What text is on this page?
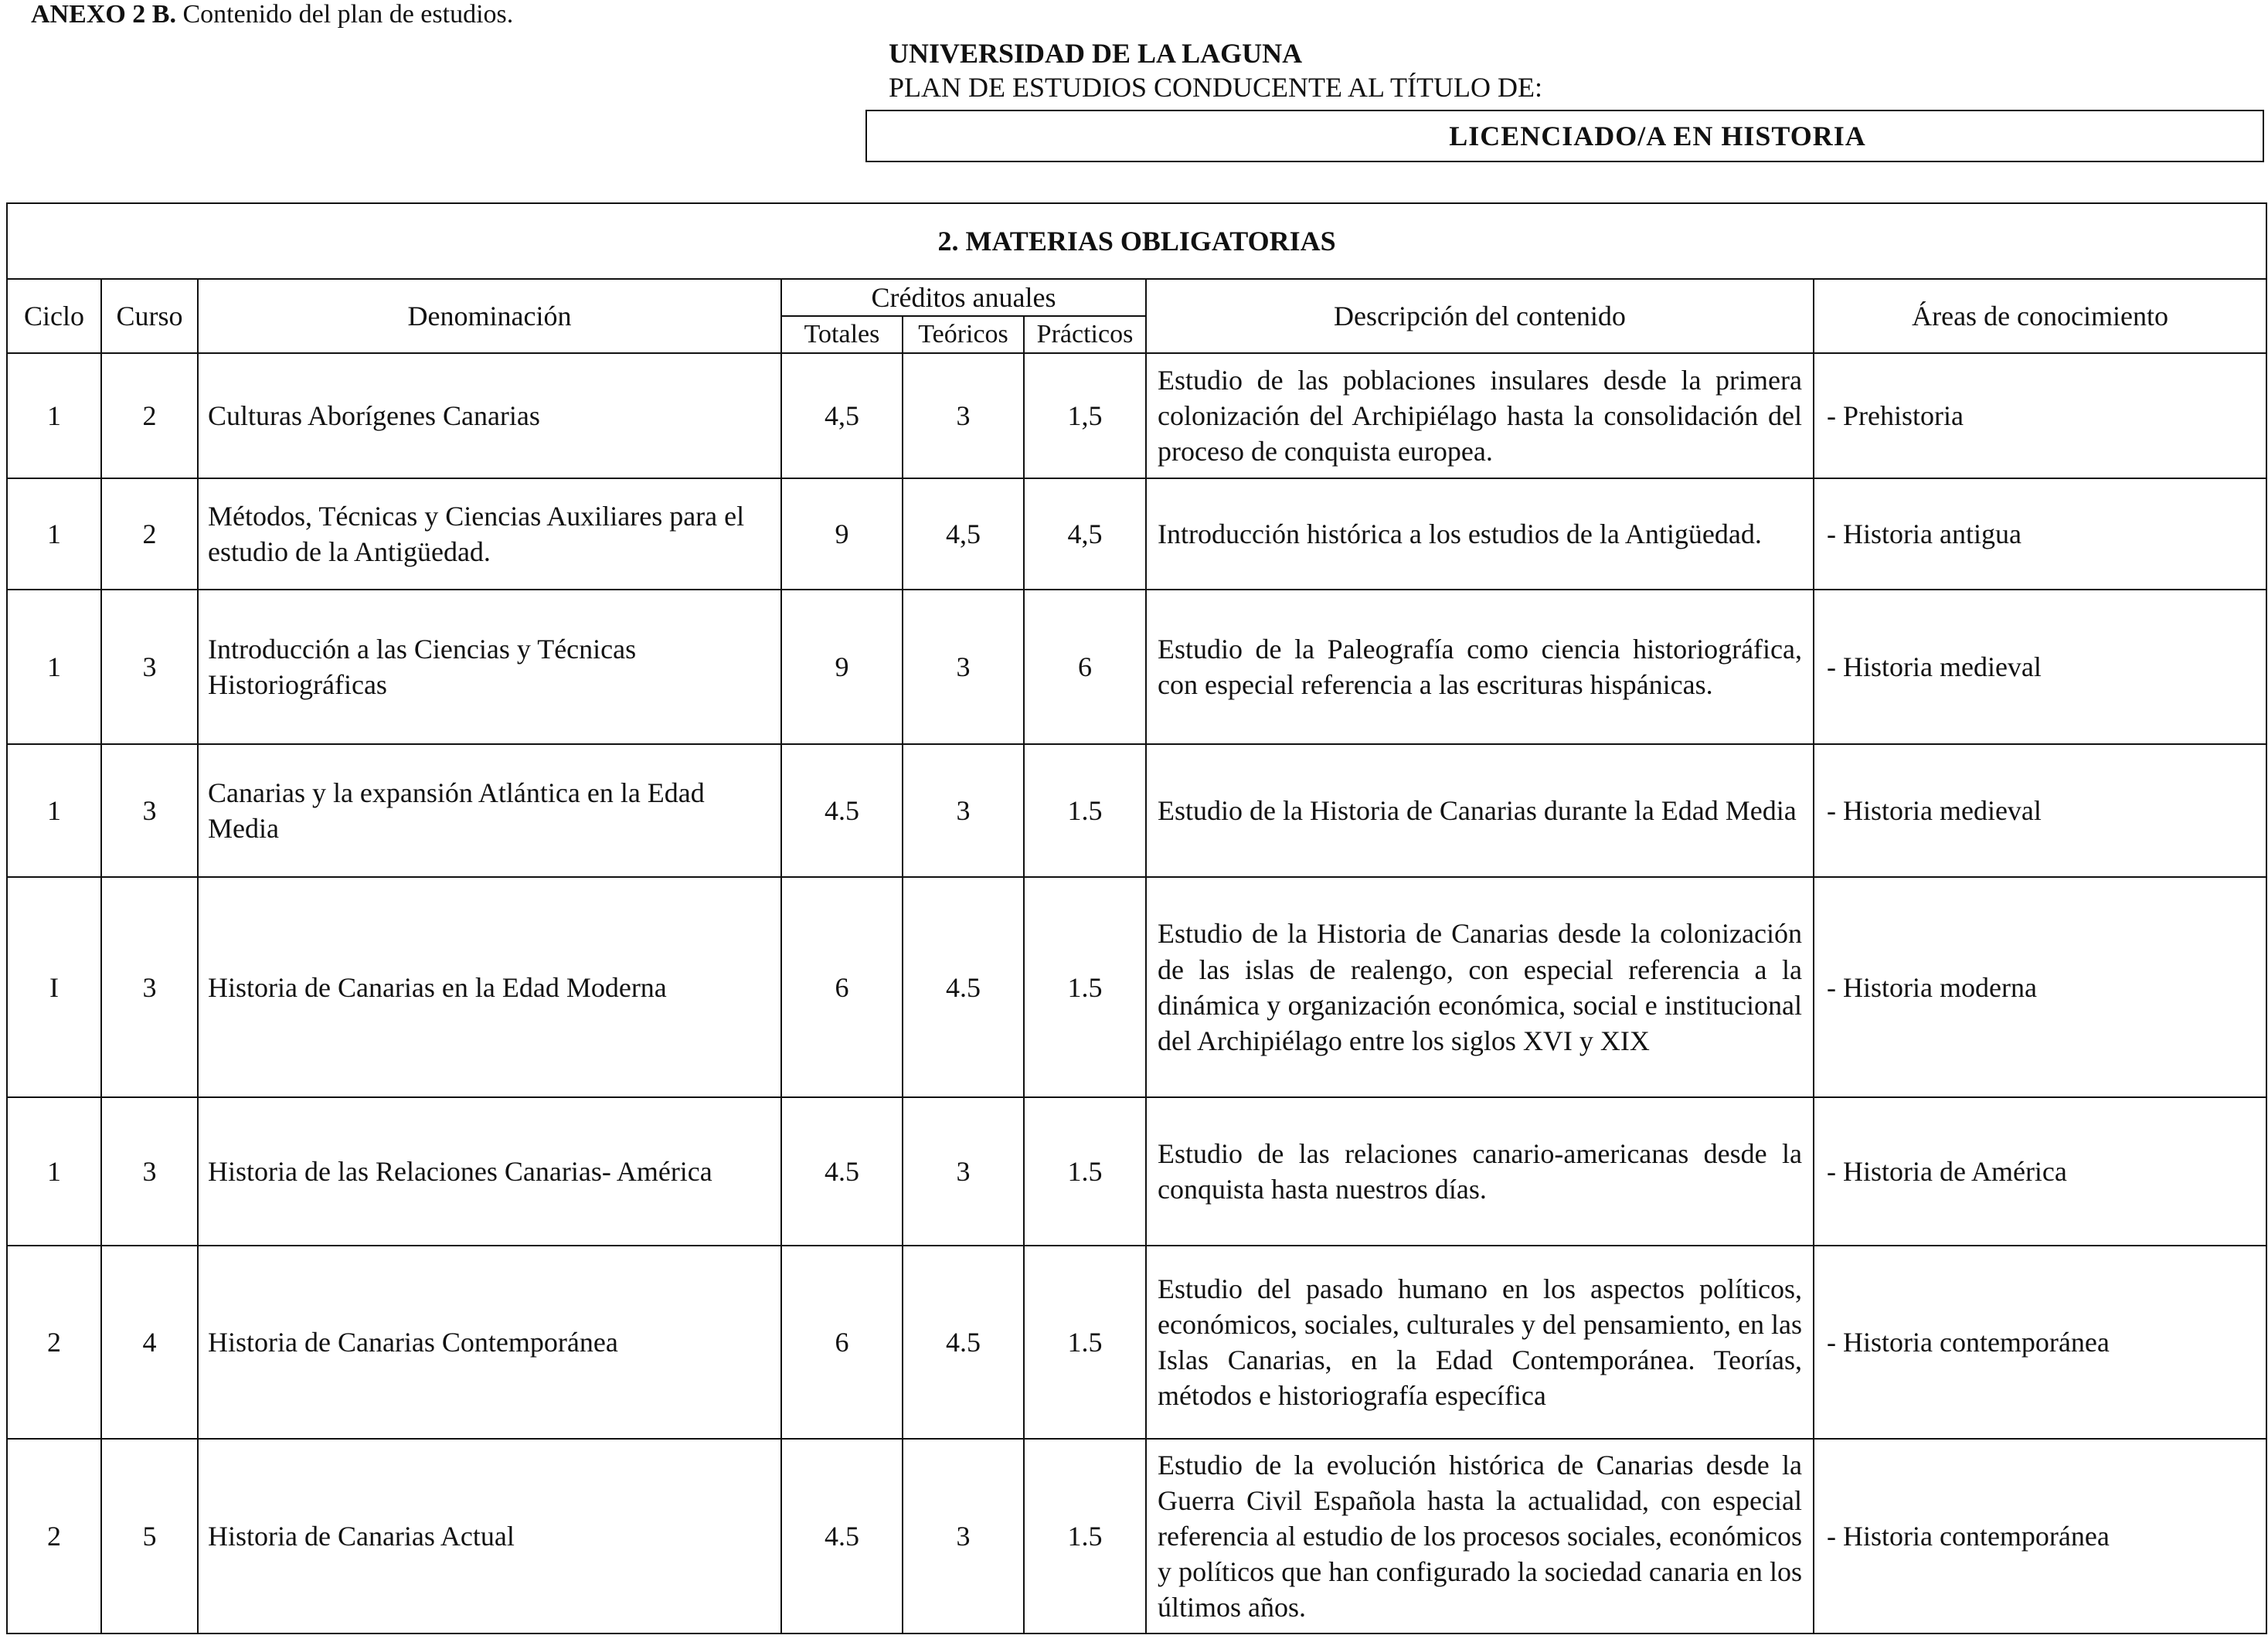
ANEXO 2 B. Contenido del plan de estudios.
UNIVERSIDAD DE LA LAGUNA
PLAN DE ESTUDIOS CONDUCENTE AL TÍTULO DE:
LICENCIADO/A EN HISTORIA
2. MATERIAS OBLIGATORIAS							
Ciclo	Curso	Denominación	Créditos anuales			Descripción del contenido	Áreas de conocimiento
			Totales	Teóricos	Prácticos		
1	2	Culturas Aborígenes Canarias	4,5	3	1,5	Estudio de las poblaciones insulares desde la primera colonización del Archipiélago hasta la consolidación del proceso de conquista europea.	- Prehistoria
1	2	Métodos, Técnicas y Ciencias Auxiliares para el estudio de la Antigüedad.	9	4,5	4,5	Introducción histórica a los estudios de la Antigüedad.	- Historia antigua
1	3	Introducción a las Ciencias y Técnicas Historiográficas	9	3	6	Estudio de la Paleografía como ciencia historiográfica, con especial referencia a las escrituras hispánicas.	- Historia medieval
1	3	Canarias y la expansión Atlántica en la Edad Media	4.5	3	1.5	Estudio de la Historia de Canarias durante la Edad Media	- Historia medieval
I	3	Historia de Canarias en la Edad Moderna	6	4.5	1.5	Estudio de la Historia de Canarias desde la colonización de las islas de realengo, con especial referencia a la dinámica y organización económica, social e institucional del Archipiélago entre los siglos XVI y XIX	- Historia moderna
1	3	Historia de las Relaciones Canarias- América	4.5	3	1.5	Estudio de las relaciones canario-americanas desde la conquista hasta nuestros días.	- Historia de América
2	4	Historia de Canarias Contemporánea	6	4.5	1.5	Estudio del pasado humano en los aspectos políticos, económicos, sociales, culturales y del pensamiento, en las Islas Canarias, en la Edad Contemporánea. Teorías, métodos e historiografía específica	- Historia contemporánea
2	5	Historia de Canarias Actual	4.5	3	1.5	Estudio de la evolución histórica de Canarias desde la Guerra Civil Española hasta la actualidad, con especial referencia al estudio de los procesos sociales, económicos y políticos que han configurado la sociedad canaria en los últimos años.	- Historia contemporánea
